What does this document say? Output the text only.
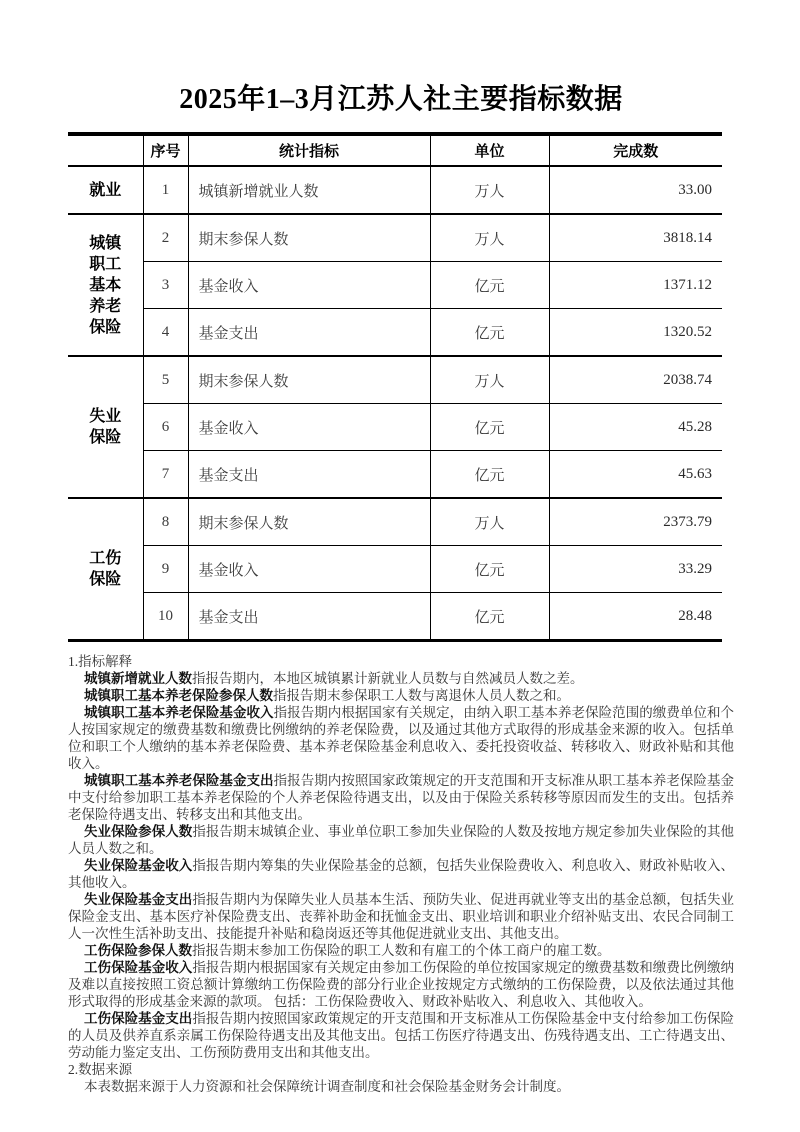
2025年1–3月江苏人社主要指标数据
	序号	统计指标	单位	完成数
就业	1	城镇新增就业人数	万人	33.00
城镇职工基本养老保险	2	期末参保人数	万人	3818.14
	3	基金收入	亿元	1371.12
	4	基金支出	亿元	1320.52
失业保险	5	期末参保人数	万人	2038.74
	6	基金收入	亿元	45.28
	7	基金支出	亿元	45.63
工伤保险	8	期末参保人数	万人	2373.79
	9	基金收入	亿元	33.29
	10	基金支出	亿元	28.48

1.指标解释

城镇新增就业人数指报告期内，本地区城镇累计新就业人员数与自然减员人数之差。

城镇职工基本养老保险参保人数指报告期末参保职工人数与离退休人员人数之和。

城镇职工基本养老保险基金收入指报告期内根据国家有关规定，由纳入职工基本养老保险范围的缴费单位和个人按国家规定的缴费基数和缴费比例缴纳的养老保险费，以及通过其他方式取得的形成基金来源的收入。包括单位和职工个人缴纳的基本养老保险费、基本养老保险基金利息收入、委托投资收益、转移收入、财政补贴和其他收入。

城镇职工基本养老保险基金支出指报告期内按照国家政策规定的开支范围和开支标准从职工基本养老保险基金中支付给参加职工基本养老保险的个人养老保险待遇支出，以及由于保险关系转移等原因而发生的支出。包括养老保险待遇支出、转移支出和其他支出。

失业保险参保人数指报告期末城镇企业、事业单位职工参加失业保险的人数及按地方规定参加失业保险的其他人员人数之和。

失业保险基金收入指报告期内筹集的失业保险基金的总额，包括失业保险费收入、利息收入、财政补贴收入、其他收入。

失业保险基金支出指报告期内为保障失业人员基本生活、预防失业、促进再就业等支出的基金总额，包括失业保险金支出、基本医疗补保险费支出、丧葬补助金和抚恤金支出、职业培训和职业介绍补贴支出、农民合同制工人一次性生活补助支出、技能提升补贴和稳岗返还等其他促进就业支出、其他支出。

工伤保险参保人数指报告期末参加工伤保险的职工人数和有雇工的个体工商户的雇工数。

工伤保险基金收入指报告期内根据国家有关规定由参加工伤保险的单位按国家规定的缴费基数和缴费比例缴纳及难以直接按照工资总额计算缴纳工伤保险费的部分行业企业按规定方式缴纳的工伤保险费，以及依法通过其他形式取得的形成基金来源的款项。 包括：工伤保险费收入、财政补贴收入、利息收入、其他收入。

工伤保险基金支出指报告期内按照国家政策规定的开支范围和开支标准从工伤保险基金中支付给参加工伤保险的人员及供养直系亲属工伤保险待遇支出及其他支出。包括工伤医疗待遇支出、伤残待遇支出、工亡待遇支出、劳动能力鉴定支出、工伤预防费用支出和其他支出。

2.数据来源

本表数据来源于人力资源和社会保障统计调查制度和社会保险基金财务会计制度。
